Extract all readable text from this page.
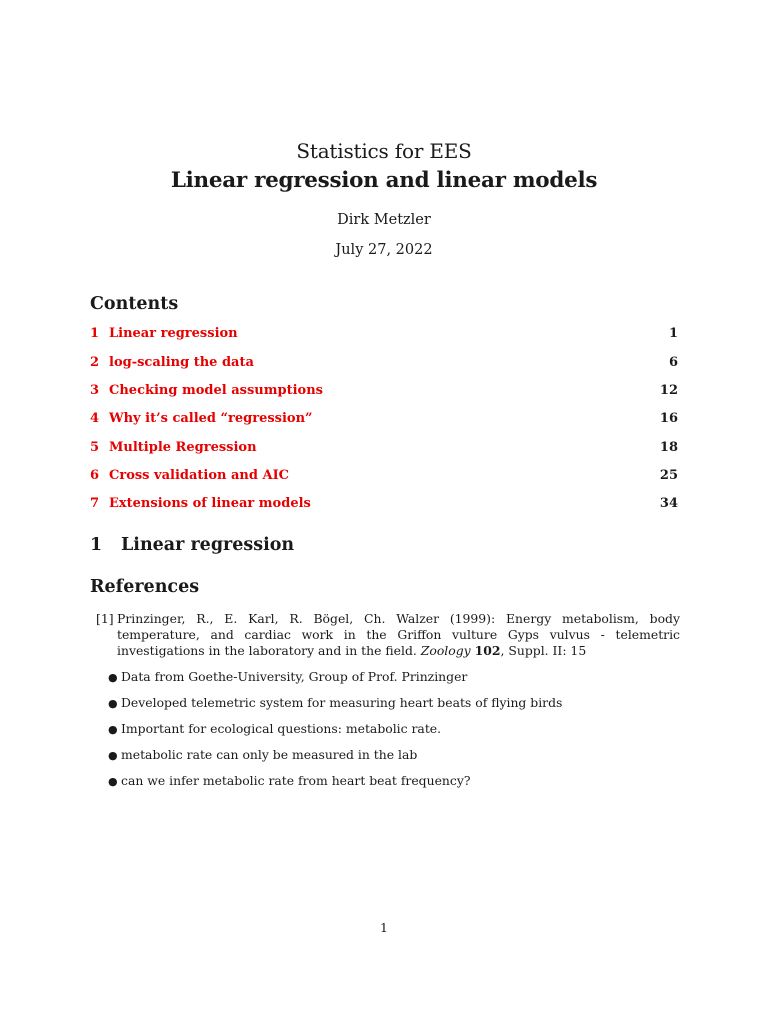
Statistics for EES
Linear regression and linear models
Dirk Metzler
July 27, 2022
Contents
1 Linear regression	1
2 log-scaling the data	6
3 Checking model assumptions	12
4 Why it’s called “regression”	16
5 Multiple Regression	18
6 Cross validation and AIC	25
7 Extensions of linear models	34
1	Linear regression
References
[1] Prinzinger, R., E. Karl, R. Bögel, Ch. Walzer (1999): Energy metabolism, body temperature, and cardiac work in the Griffon vulture Gyps vulvus - telemetric investigations in the laboratory and in the field. Zoology 102, Suppl. II: 15
● Data from Goethe-University, Group of Prof. Prinzinger
● Developed telemetric system for measuring heart beats of flying birds
● Important for ecological questions: metabolic rate.
● metabolic rate can only be measured in the lab
● can we infer metabolic rate from heart beat frequency?
1
